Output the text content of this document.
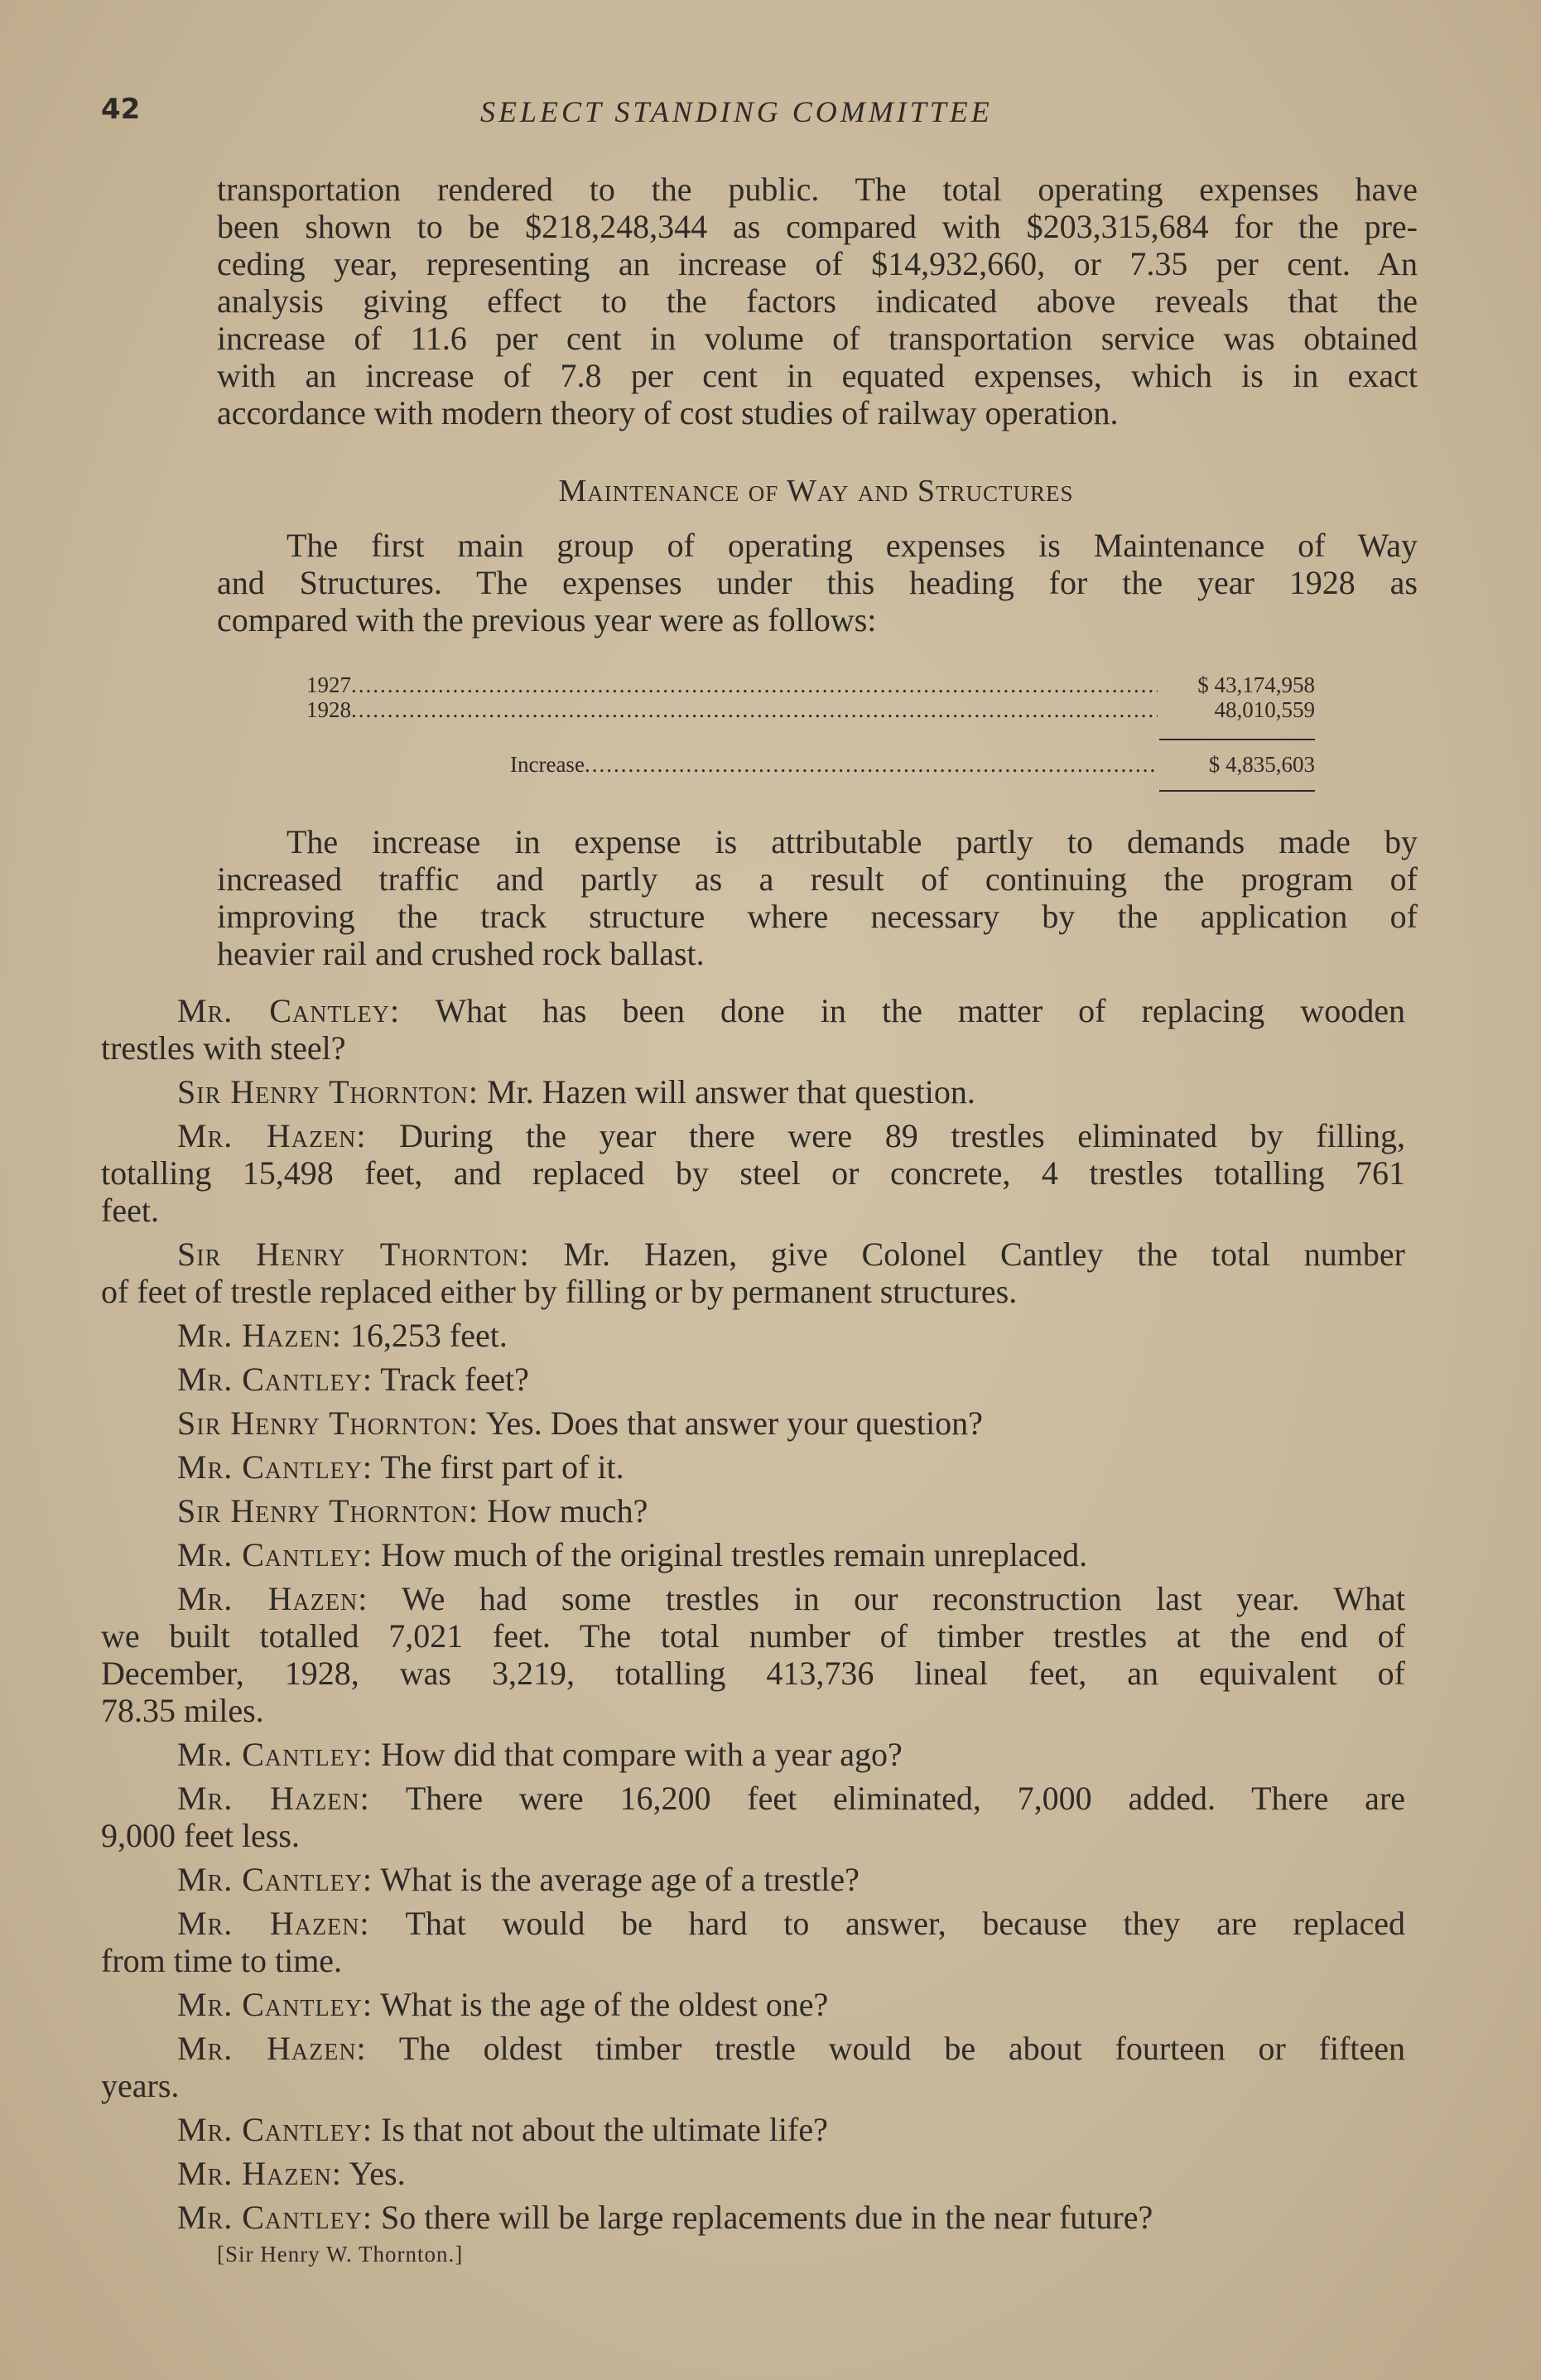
42	SELECT STANDING COMMITTEE

transportation rendered to the public. The total operating expenses have

been shown to be $218,248,344 as compared with $203,315,684 for the pre-

ceding year, representing an increase of $14,932,660, or 7.35 per cent. An

analysis giving effect to the factors indicated above reveals that the

increase of 11.6 per cent in volume of transportation service was obtained

with an increase of 7.8 per cent in equated expenses, which is in exact

accordance with modern theory of cost studies of railway operation.

Maintenance of Way and Structures

The first main group of operating expenses is Maintenance of Way

and Structures. The expenses under this heading for the year 1928 as

compared with the previous year were as follows:

1927 .....	$ 43,174,958
1928 .....	48,010,559
Increase .....	$ 4,835,603

The increase in expense is attributable partly to demands made by

increased traffic and partly as a result of continuing the program of

improving the track structure where necessary by the application of

heavier rail and crushed rock ballast.

Mr. Cantley: What has been done in the matter of replacing wooden

trestles with steel?

Sir Henry Thornton: Mr. Hazen will answer that question.

Mr. Hazen: During the year there were 89 trestles eliminated by filling,

totalling 15,498 feet, and replaced by steel or concrete, 4 trestles totalling 761

feet.

Sir Henry Thornton: Mr. Hazen, give Colonel Cantley the total number

of feet of trestle replaced either by filling or by permanent structures.

Mr. Hazen: 16,253 feet.

Mr. Cantley: Track feet?

Sir Henry Thornton: Yes. Does that answer your question?

Mr. Cantley: The first part of it.

Sir Henry Thornton: How much?

Mr. Cantley: How much of the original trestles remain unreplaced.

Mr. Hazen: We had some trestles in our reconstruction last year. What

we built totalled 7,021 feet. The total number of timber trestles at the end of

December, 1928, was 3,219, totalling 413,736 lineal feet, an equivalent of

78.35 miles.

Mr. Cantley: How did that compare with a year ago?

Mr. Hazen: There were 16,200 feet eliminated, 7,000 added. There are

9,000 feet less.

Mr. Cantley: What is the average age of a trestle?

Mr. Hazen: That would be hard to answer, because they are replaced

from time to time.

Mr. Cantley: What is the age of the oldest one?

Mr. Hazen: The oldest timber trestle would be about fourteen or fifteen

years.

Mr. Cantley: Is that not about the ultimate life?

Mr. Hazen: Yes.

Mr. Cantley: So there will be large replacements due in the near future?

[Sir Henry W. Thornton.]
